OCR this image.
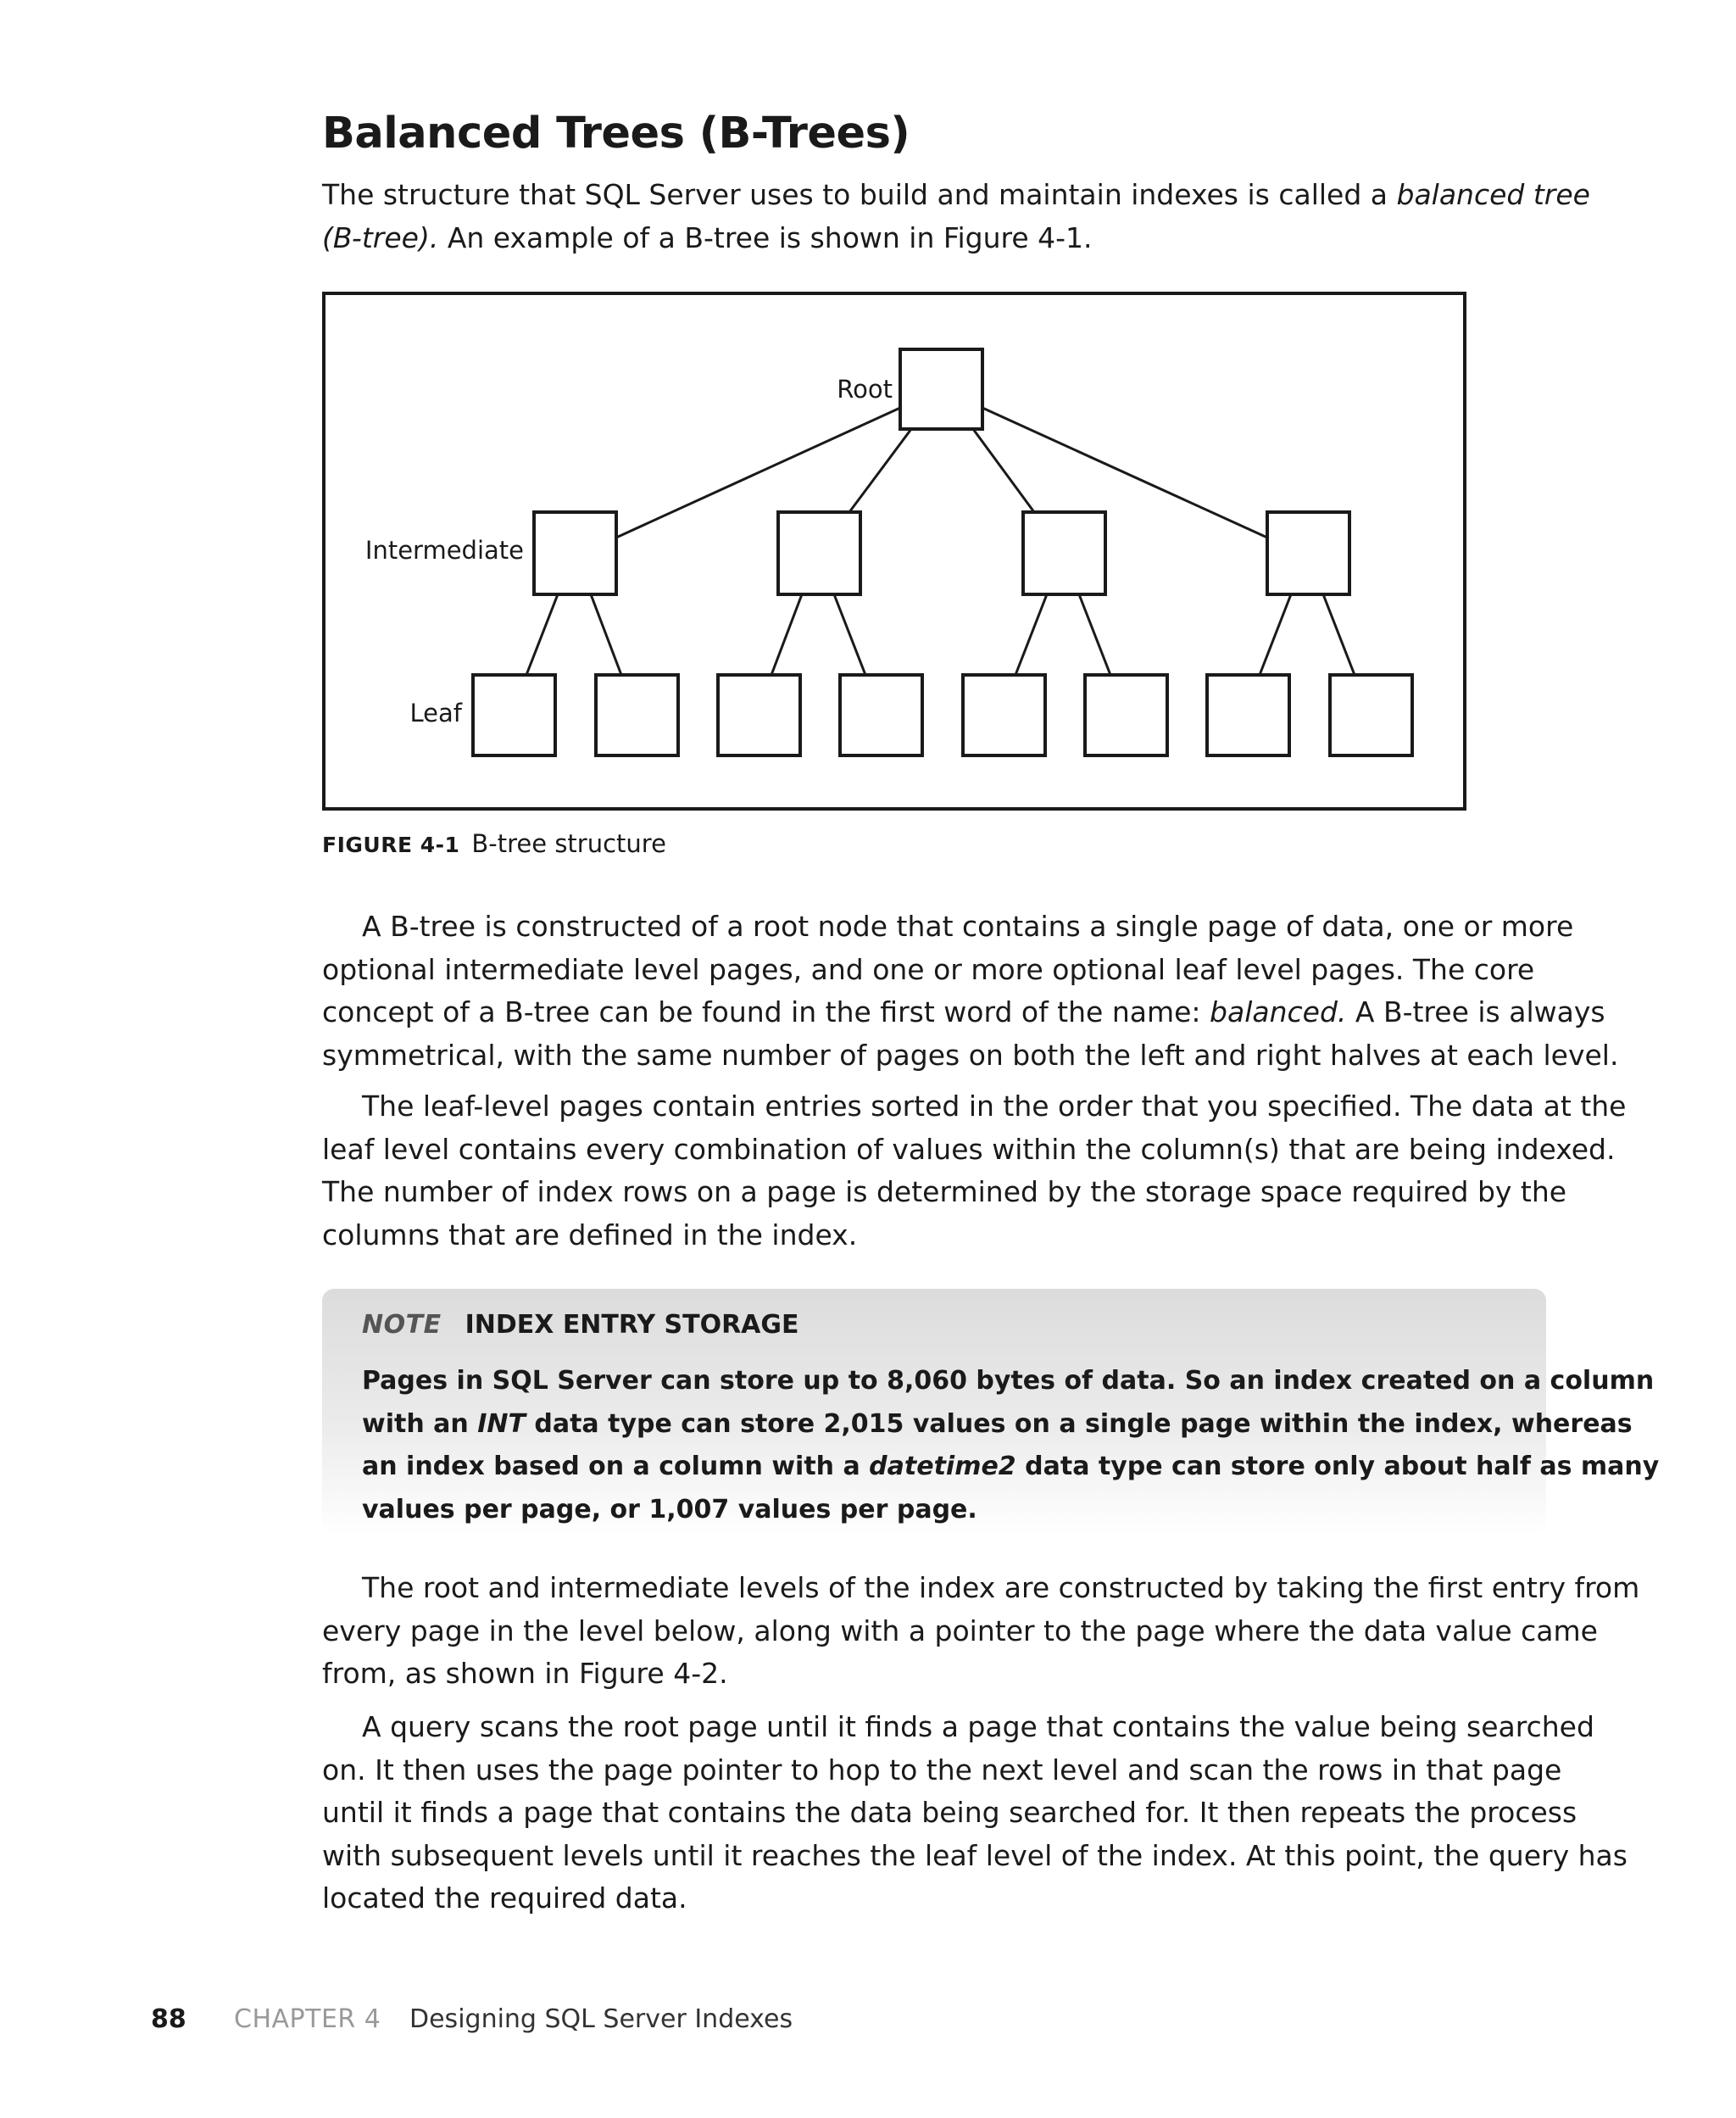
Balanced Trees (B-Trees)

The structure that SQL Server uses to build and maintain indexes is called a balanced tree
(B-tree). An example of a B-tree is shown in Figure 4-1.

Root
Intermediate
Leaf
FIGURE 4-1 B-tree structure

A B-tree is constructed of a root node that contains a single page of data, one or more
optional intermediate level pages, and one or more optional leaf level pages. The core
concept of a B-tree can be found in the first word of the name: balanced. A B-tree is always
symmetrical, with the same number of pages on both the left and right halves at each level.

The leaf-level pages contain entries sorted in the order that you specified. The data at the
leaf level contains every combination of values within the column(s) that are being indexed.
The number of index rows on a page is determined by the storage space required by the
columns that are defined in the index.

NOTE INDEX ENTRY STORAGE

Pages in SQL Server can store up to 8,060 bytes of data. So an index created on a column
with an INT data type can store 2,015 values on a single page within the index, whereas
an index based on a column with a datetime2 data type can store only about half as many
values per page, or 1,007 values per page.

The root and intermediate levels of the index are constructed by taking the first entry from
every page in the level below, along with a pointer to the page where the data value came
from, as shown in Figure 4-2.

A query scans the root page until it finds a page that contains the value being searched
on. It then uses the page pointer to hop to the next level and scan the rows in that page
until it finds a page that contains the data being searched for. It then repeats the process
with subsequent levels until it reaches the leaf level of the index. At this point, the query has
located the required data.

88 CHAPTER 4 Designing SQL Server Indexes
